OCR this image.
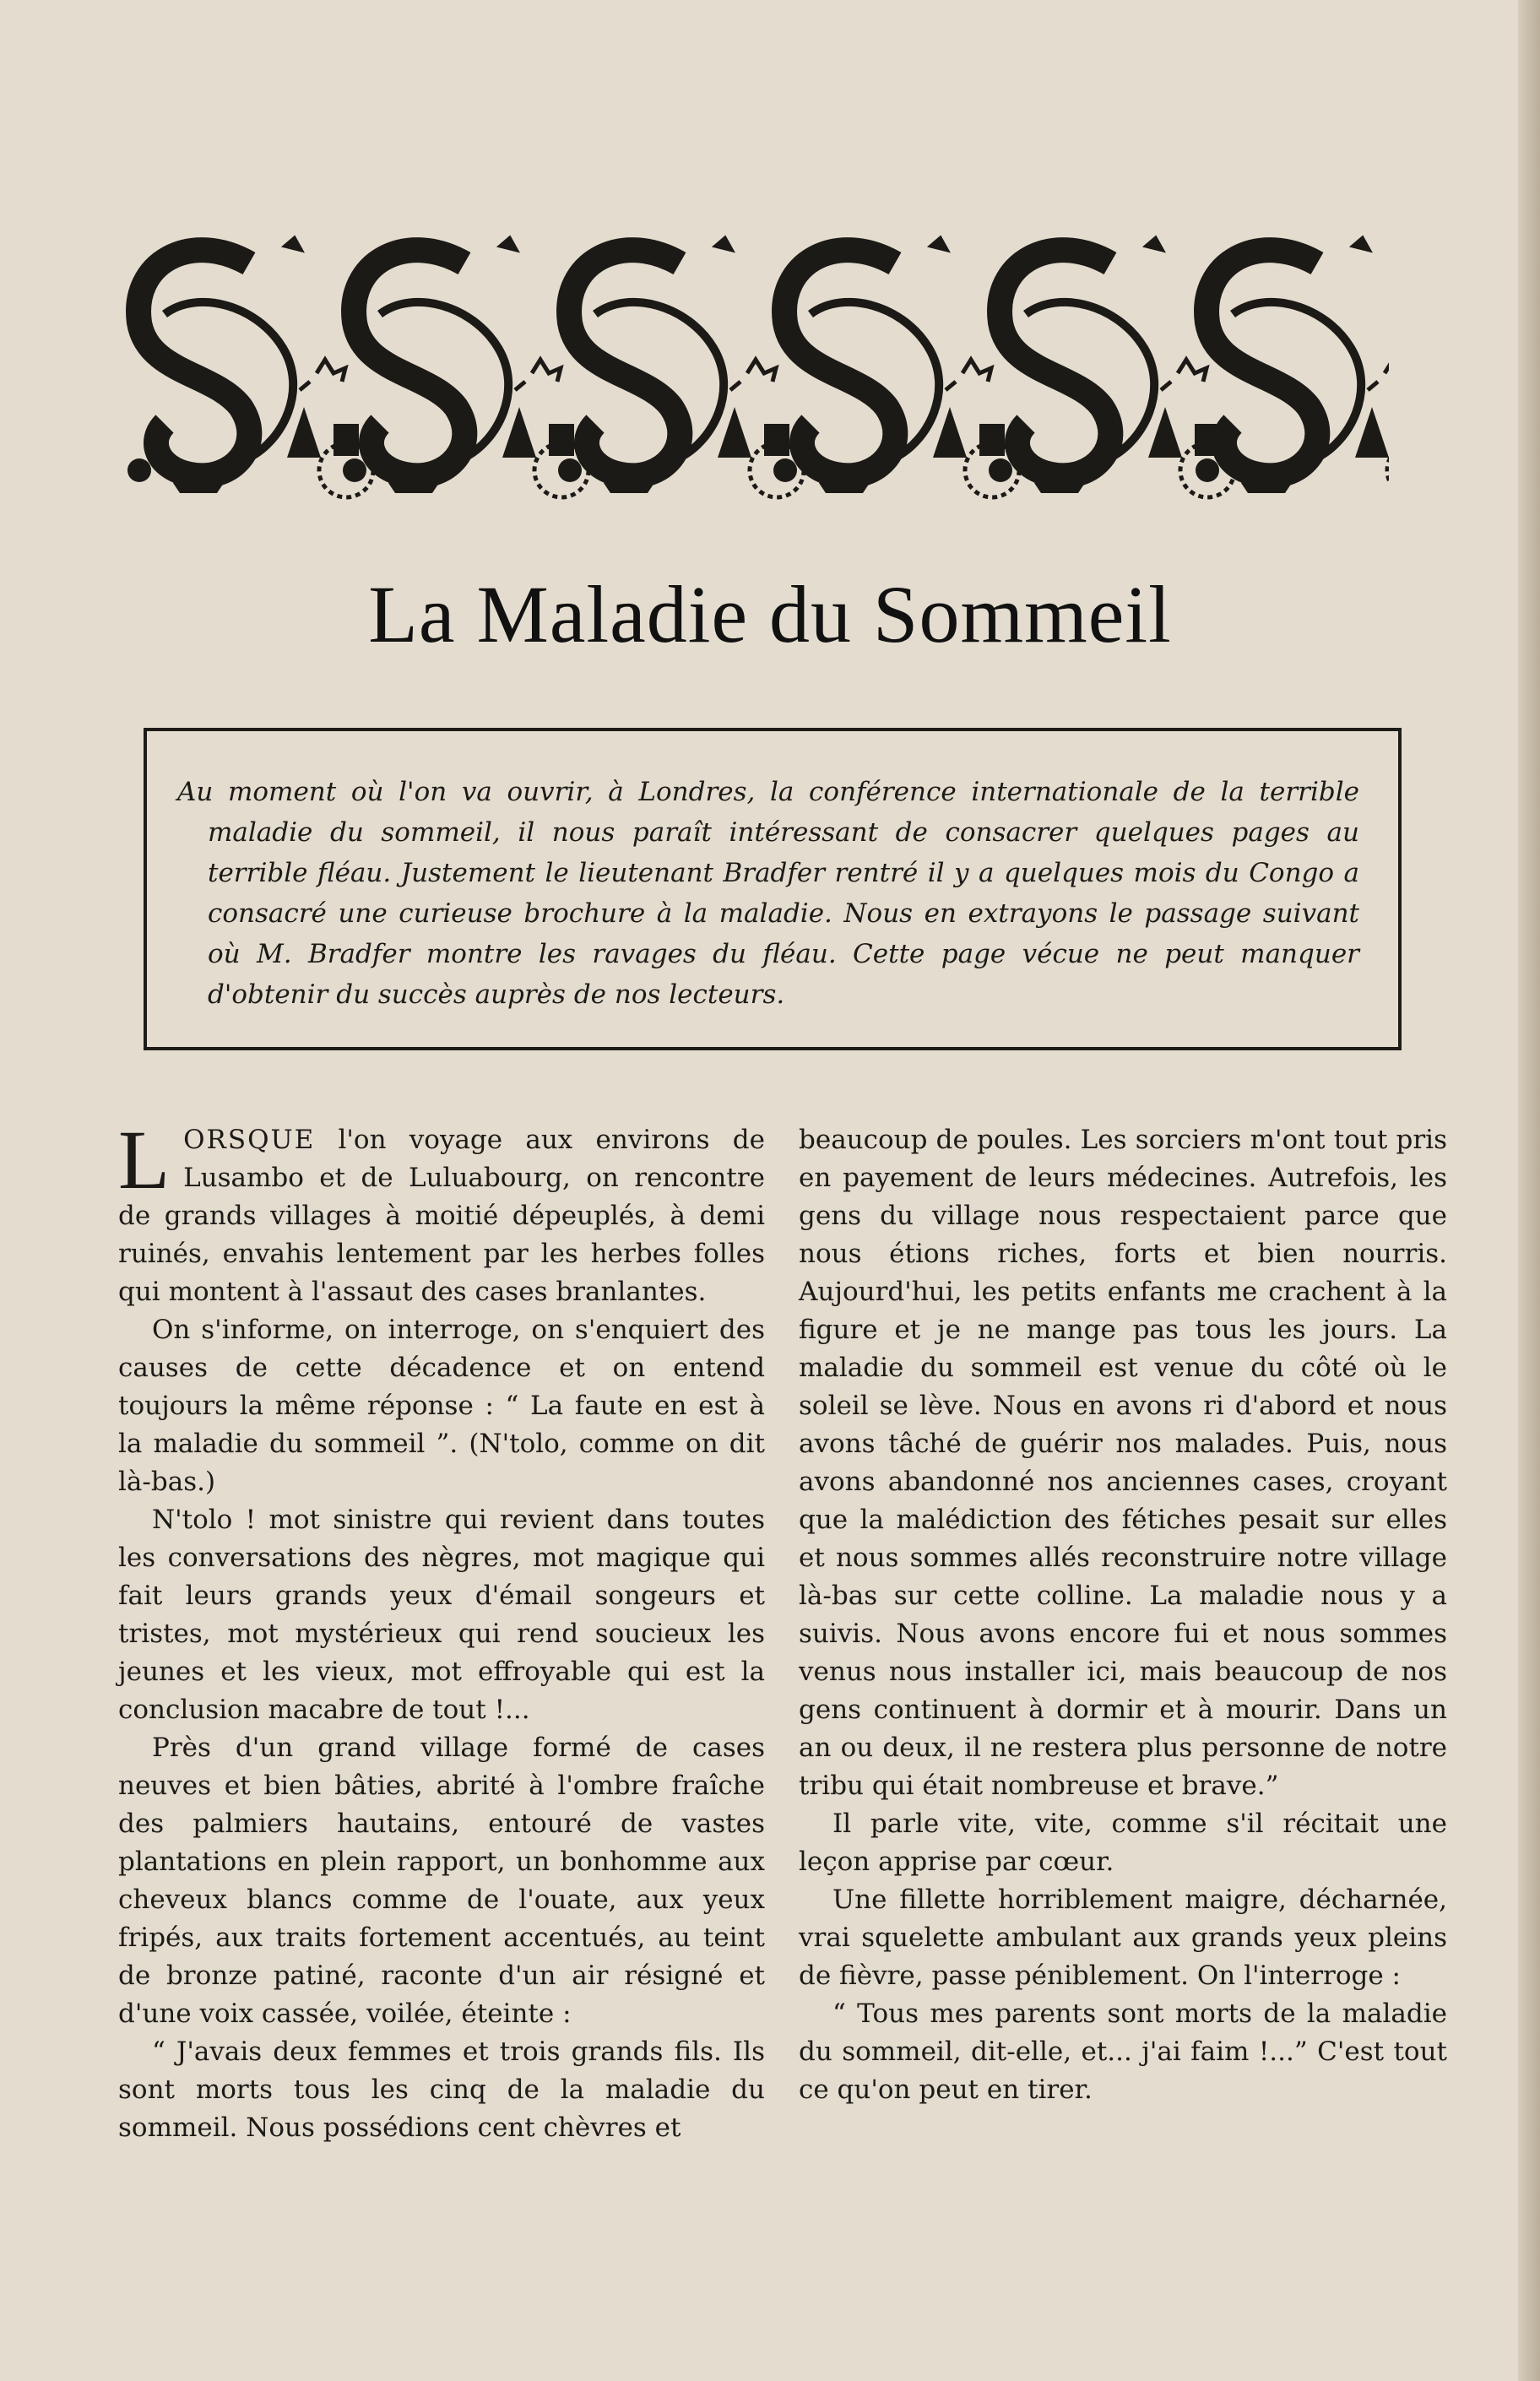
La Maladie du Sommeil

Au moment où l'on va ouvrir, à Londres, la conférence internationale de la terrible maladie du sommeil, il nous paraît intéressant de consacrer quelques pages au terrible fléau. Justement le lieutenant Bradfer rentré il y a quelques mois du Congo a consacré une curieuse brochure à la maladie. Nous en extrayons le passage suivant où M. Bradfer montre les ravages du fléau. Cette page vécue ne peut manquer d'obtenir du succès auprès de nos lecteurs.

LORSQUE l'on voyage aux environs de Lusambo et de Luluabourg, on rencontre de grands villages à moitié dépeuplés, à demi ruinés, envahis lentement par les herbes folles qui montent à l'assaut des cases branlantes.

On s'informe, on interroge, on s'enquiert des causes de cette décadence et on entend toujours la même réponse : “ La faute en est à la maladie du sommeil ”. (N'tolo, comme on dit là-bas.)

N'tolo ! mot sinistre qui revient dans toutes les conversations des nègres, mot magique qui fait leurs grands yeux d'émail songeurs et tristes, mot mystérieux qui rend soucieux les jeunes et les vieux, mot effroyable qui est la conclusion macabre de tout !...

Près d'un grand village formé de cases neuves et bien bâties, abrité à l'ombre fraîche des palmiers hautains, entouré de vastes plantations en plein rapport, un bonhomme aux cheveux blancs comme de l'ouate, aux yeux fripés, aux traits fortement accentués, au teint de bronze patiné, raconte d'un air résigné et d'une voix cassée, voilée, éteinte :

“ J'avais deux femmes et trois grands fils. Ils sont morts tous les cinq de la maladie du sommeil. Nous possédions cent chèvres et

beaucoup de poules. Les sorciers m'ont tout pris en payement de leurs médecines. Autrefois, les gens du village nous respectaient parce que nous étions riches, forts et bien nourris. Aujourd'hui, les petits enfants me crachent à la figure et je ne mange pas tous les jours. La maladie du sommeil est venue du côté où le soleil se lève. Nous en avons ri d'abord et nous avons tâché de guérir nos malades. Puis, nous avons abandonné nos anciennes cases, croyant que la malédiction des fétiches pesait sur elles et nous sommes allés reconstruire notre village là-bas sur cette colline. La maladie nous y a suivis. Nous avons encore fui et nous sommes venus nous installer ici, mais beaucoup de nos gens continuent à dormir et à mourir. Dans un an ou deux, il ne restera plus personne de notre tribu qui était nombreuse et brave.”

Il parle vite, vite, comme s'il récitait une leçon apprise par cœur.

Une fillette horriblement maigre, décharnée, vrai squelette ambulant aux grands yeux pleins de fièvre, passe péniblement. On l'interroge :

“ Tous mes parents sont morts de la maladie du sommeil, dit-elle, et... j'ai faim !...” C'est tout ce qu'on peut en tirer.
